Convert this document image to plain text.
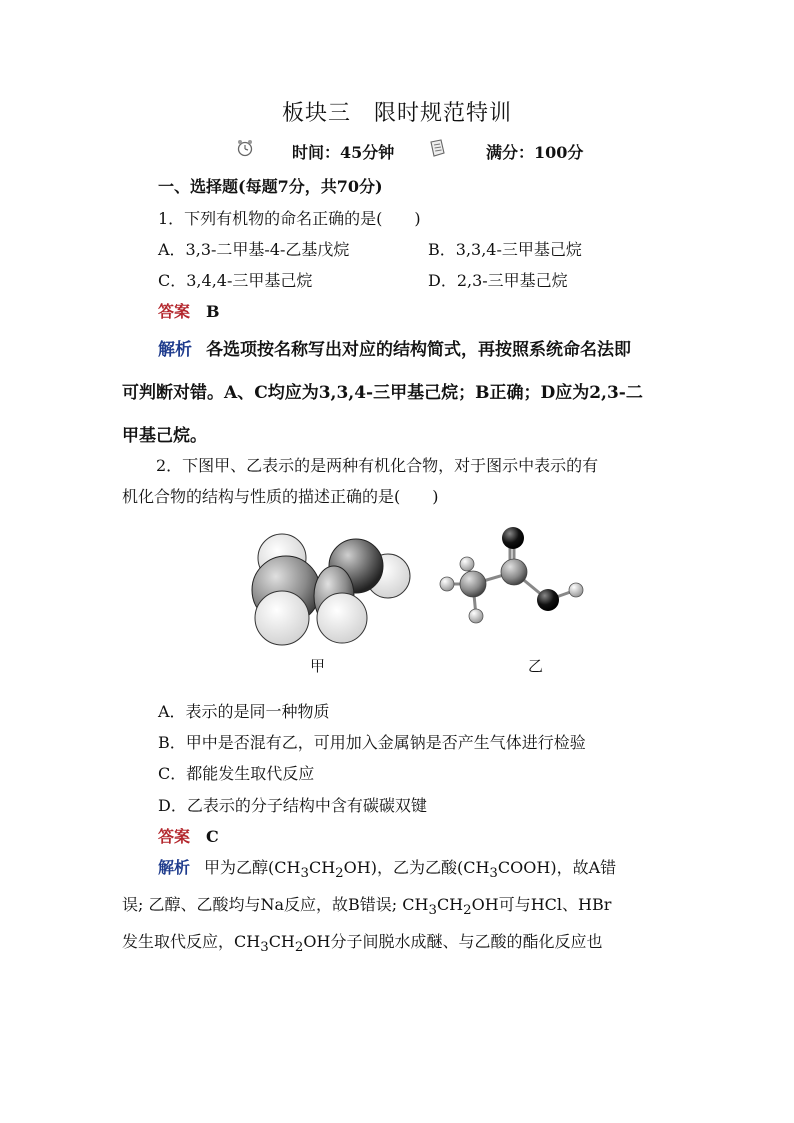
板块三　限时规范特训
时间：45分钟	满分：100分
一、选择题(每题7分，共70分)
1．下列有机物的命名正确的是(　　)
A．3,3-二甲基-4-乙基戊烷	B．3,3,4-三甲基己烷
C．3,4,4-三甲基己烷	D．2,3-三甲基己烷
答案 B
解析 各选项按名称写出对应的结构简式，再按照系统命名法即
可判断对错。A、C均应为3,3,4-三甲基己烷；B正确；D应为2,3-二
甲基己烷。
2．下图甲、乙表示的是两种有机化合物，对于图示中表示的有
机化合物的结构与性质的描述正确的是(　　)
甲	乙
A．表示的是同一种物质
B．甲中是否混有乙，可用加入金属钠是否产生气体进行检验
C．都能发生取代反应
D．乙表示的分子结构中含有碳碳双键
答案 C
解析 甲为乙醇$(CH_3CH_2OH)$，乙为乙酸$(CH_3COOH)$，故A错
误; 乙醇、乙酸均与Na反应，故B错误; $CH_3CH_2OH$可与HCl、HBr
发生取代反应，$CH_3CH_2OH$分子间脱水成醚、与乙酸的酯化反应也
